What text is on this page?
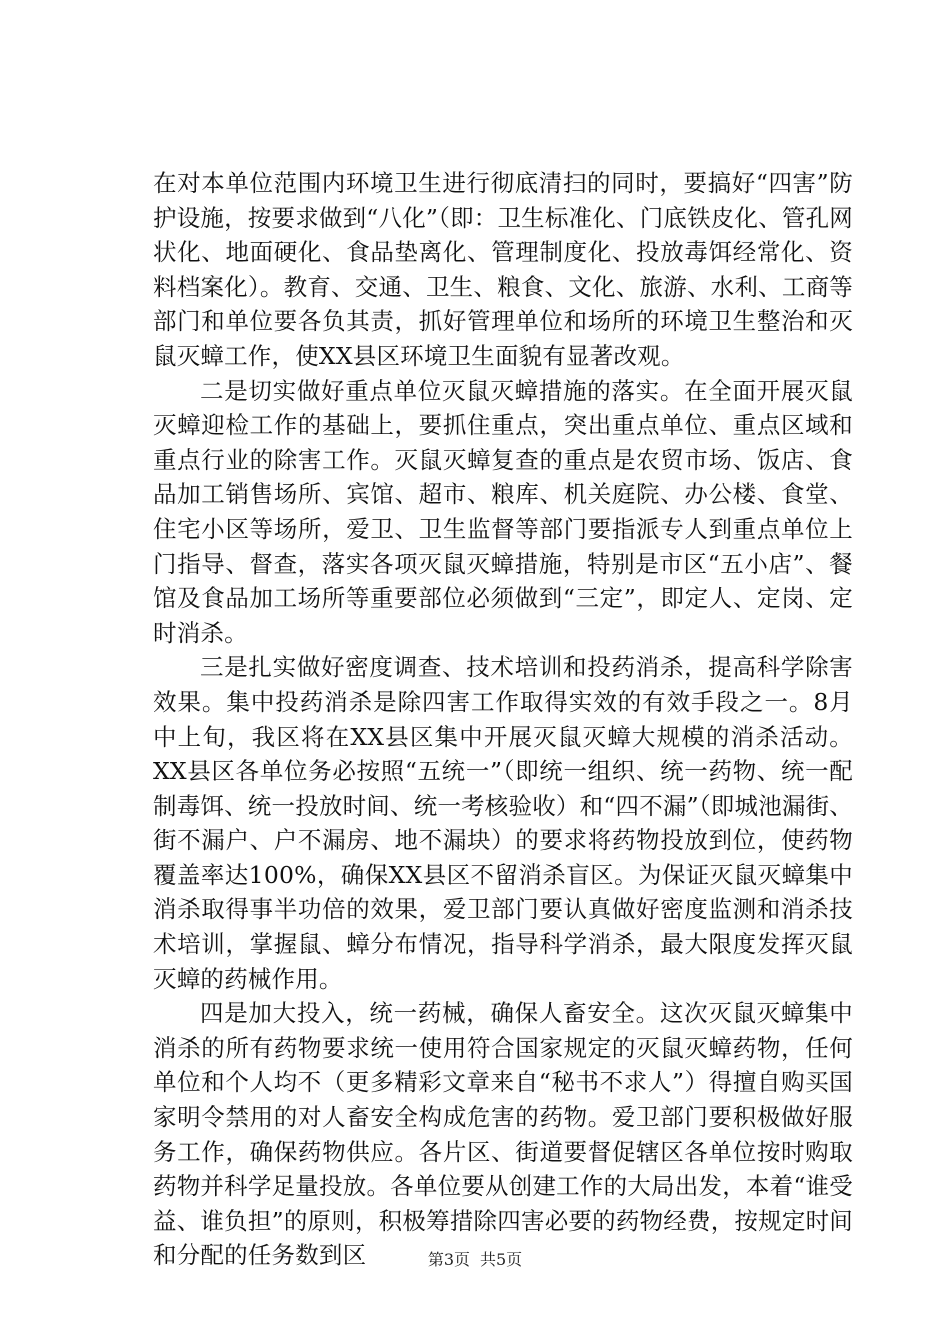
在对本单位范围内环境卫生进行彻底清扫的同时，要搞好“四害”防护设施，按要求做到“八化”（即：卫生标准化、门底铁皮化、管孔网状化、地面硬化、食品垫离化、管理制度化、投放毒饵经常化、资料档案化）。教育、交通、卫生、粮食、文化、旅游、水利、工商等部门和单位要各负其责，抓好管理单位和场所的环境卫生整治和灭鼠灭蟑工作，使XX县区环境卫生面貌有显著改观。

二是切实做好重点单位灭鼠灭蟑措施的落实。在全面开展灭鼠灭蟑迎检工作的基础上，要抓住重点，突出重点单位、重点区域和重点行业的除害工作。灭鼠灭蟑复查的重点是农贸市场、饭店、食品加工销售场所、宾馆、超市、粮库、机关庭院、办公楼、食堂、住宅小区等场所，爱卫、卫生监督等部门要指派专人到重点单位上门指导、督查，落实各项灭鼠灭蟑措施，特别是市区“五小店”、餐馆及食品加工场所等重要部位必须做到“三定”，即定人、定岗、定时消杀。

三是扎实做好密度调查、技术培训和投药消杀，提高科学除害效果。集中投药消杀是除四害工作取得实效的有效手段之一。8月中上旬，我区将在XX县区集中开展灭鼠灭蟑大规模的消杀活动。XX县区各单位务必按照“五统一”（即统一组织、统一药物、统一配制毒饵、统一投放时间、统一考核验收）和“四不漏”（即城池漏街、街不漏户、户不漏房、地不漏块）的要求将药物投放到位，使药物覆盖率达100%，确保XX县区不留消杀盲区。为保证灭鼠灭蟑集中消杀取得事半功倍的效果，爱卫部门要认真做好密度监测和消杀技术培训，掌握鼠、蟑分布情况，指导科学消杀，最大限度发挥灭鼠灭蟑的药械作用。

四是加大投入，统一药械，确保人畜安全。这次灭鼠灭蟑集中消杀的所有药物要求统一使用符合国家规定的灭鼠灭蟑药物，任何单位和个人均不（更多精彩文章来自“秘书不求人”）得擅自购买国家明令禁用的对人畜安全构成危害的药物。爱卫部门要积极做好服务工作，确保药物供应。各片区、街道要督促辖区各单位按时购取药物并科学足量投放。各单位要从创建工作的大局出发，本着“谁受益、谁负担”的原则，积极筹措除四害必要的药物经费，按规定时间和分配的任务数到区	第3页 共5页
